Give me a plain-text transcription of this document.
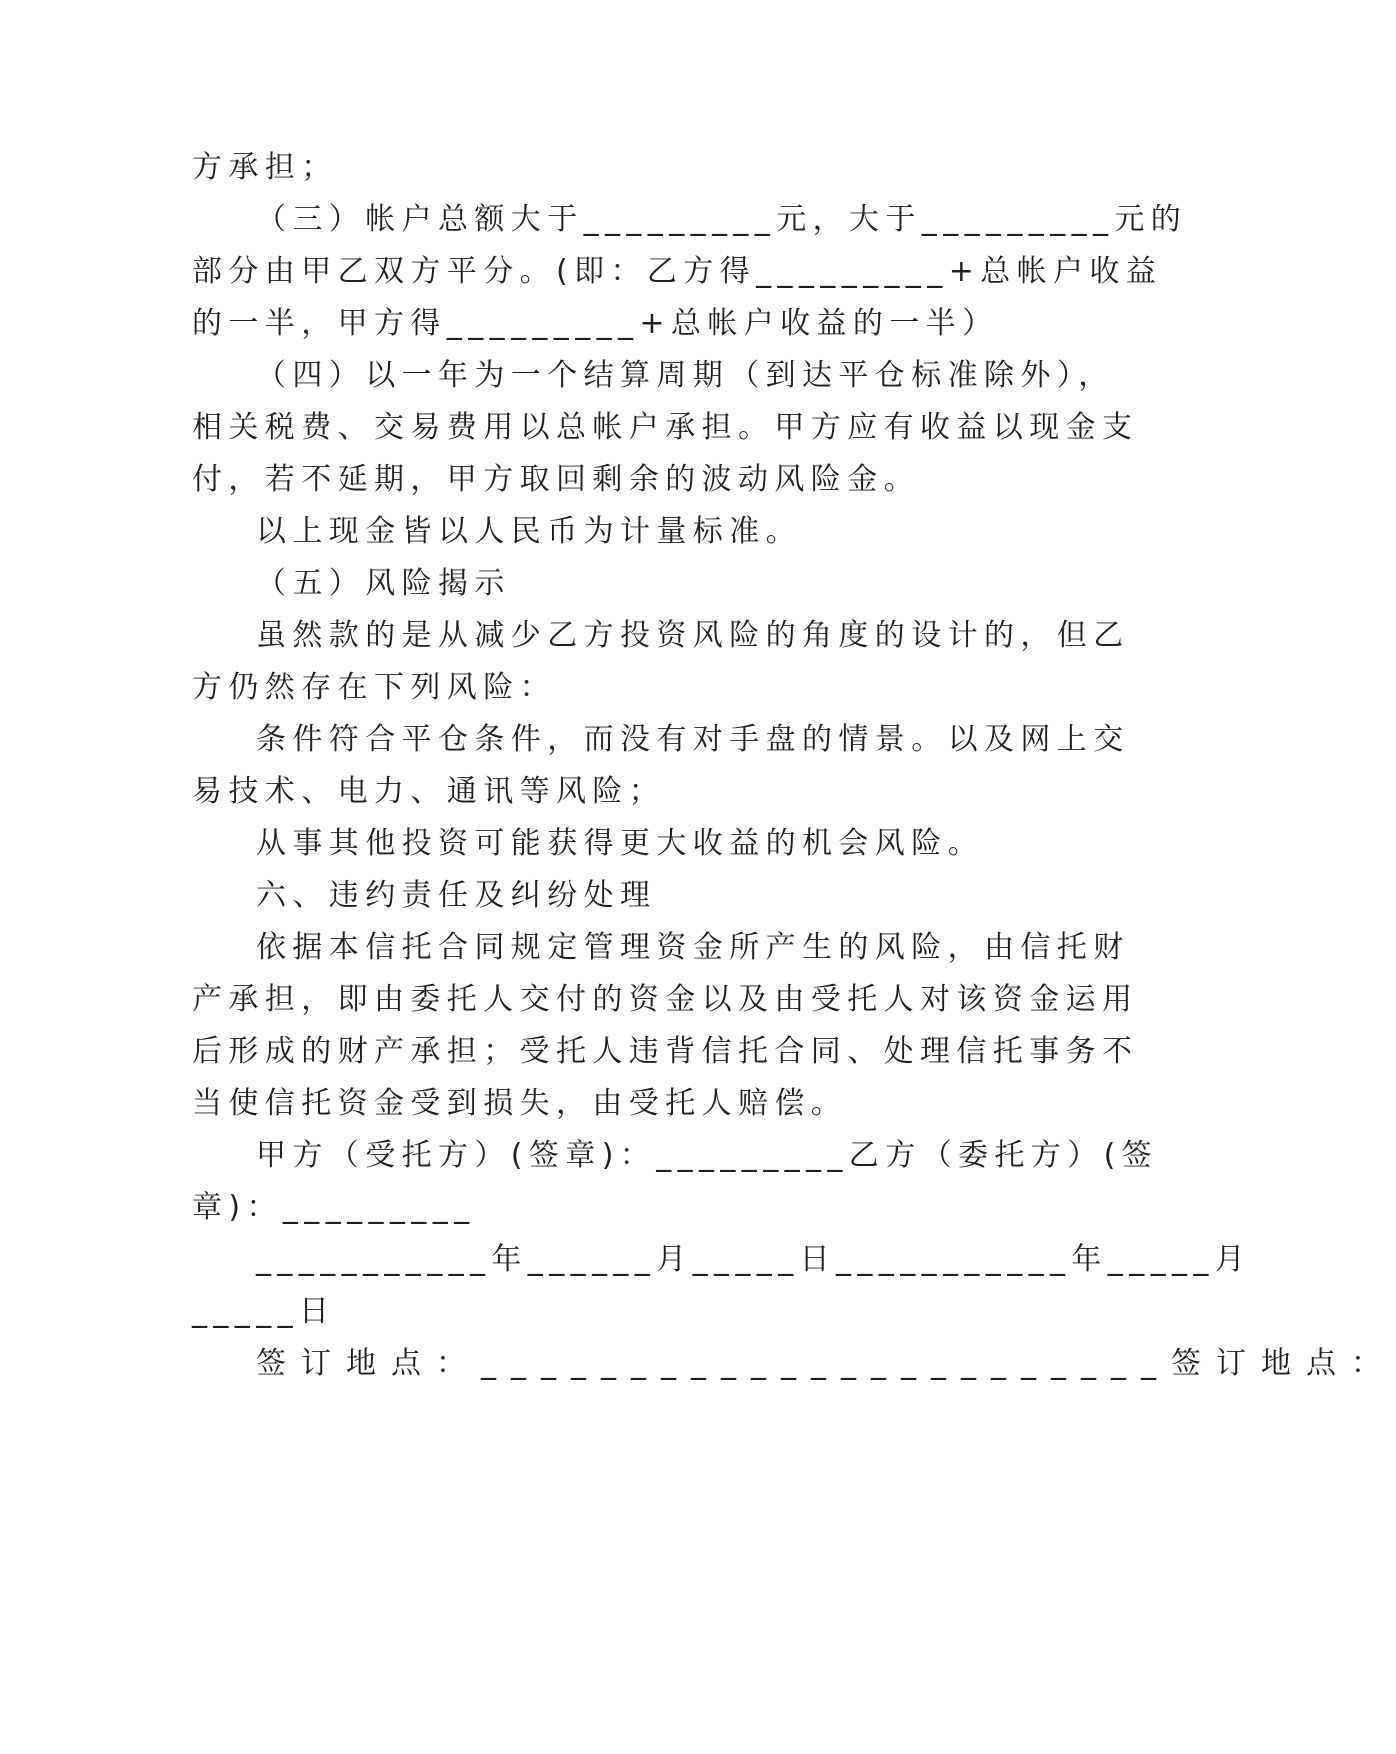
方承担；
（三）帐户总额大于_________元，大于_________元的
部分由甲乙双方平分。(即：乙方得_________+总帐户收益
的一半，甲方得_________+总帐户收益的一半）
（四）以一年为一个结算周期（到达平仓标准除外），
相关税费、交易费用以总帐户承担。甲方应有收益以现金支
付，若不延期，甲方取回剩余的波动风险金。
以上现金皆以人民币为计量标准。
（五）风险揭示
虽然款的是从减少乙方投资风险的角度的设计的，但乙
方仍然存在下列风险：
条件符合平仓条件，而没有对手盘的情景。以及网上交
易技术、电力、通讯等风险；
从事其他投资可能获得更大收益的机会风险。
六、违约责任及纠纷处理
依据本信托合同规定管理资金所产生的风险，由信托财
产承担，即由委托人交付的资金以及由受托人对该资金运用
后形成的财产承担；受托人违背信托合同、处理信托事务不
当使信托资金受到损失，由受托人赔偿。
甲方（受托方）(签章)：_________乙方（委托方）(签
章)：_________
___________年______月_____日___________年_____月
_____日
签订地点：_______________________签订地点：
